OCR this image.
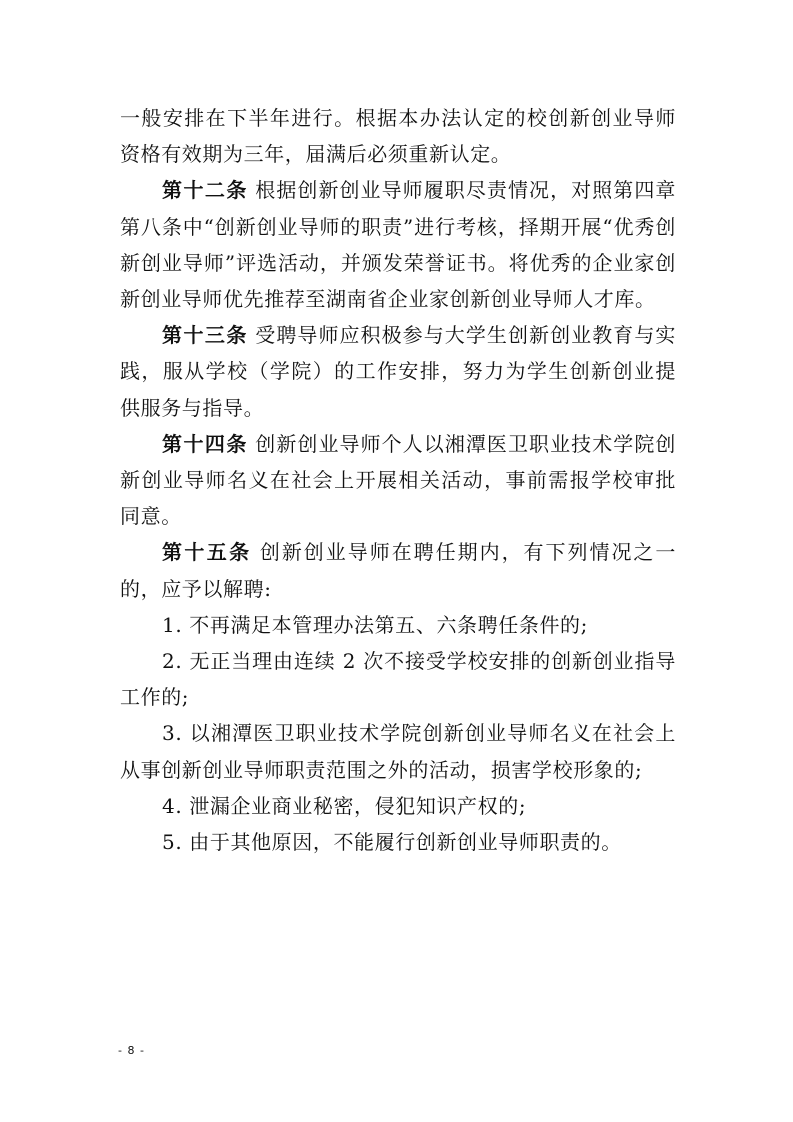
一般安排在下半年进行。根据本办法认定的校创新创业导师资格有效期为三年，届满后必须重新认定。

第十二条 根据创新创业导师履职尽责情况，对照第四章第八条中“创新创业导师的职责”进行考核，择期开展“优秀创新创业导师”评选活动，并颁发荣誉证书。将优秀的企业家创新创业导师优先推荐至湖南省企业家创新创业导师人才库。

第十三条 受聘导师应积极参与大学生创新创业教育与实践，服从学校（学院）的工作安排，努力为学生创新创业提供服务与指导。

第十四条 创新创业导师个人以湘潭医卫职业技术学院创新创业导师名义在社会上开展相关活动，事前需报学校审批同意。

第十五条 创新创业导师在聘任期内，有下列情况之一的，应予以解聘:

1. 不再满足本管理办法第五、六条聘任条件的;

2. 无正当理由连续 2 次不接受学校安排的创新创业指导工作的;

3. 以湘潭医卫职业技术学院创新创业导师名义在社会上从事创新创业导师职责范围之外的活动，损害学校形象的;

4. 泄漏企业商业秘密，侵犯知识产权的;

5. 由于其他原因，不能履行创新创业导师职责的。

- 8 -
